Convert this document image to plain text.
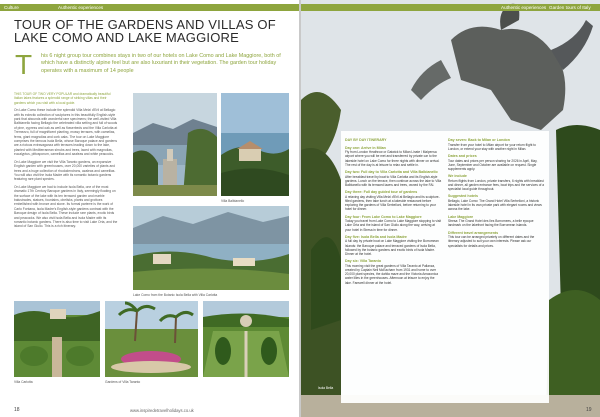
Culture	Authentic experiences
TOUR OF THE GARDENS AND VILLAS OF
LAKE COMO AND LAKE MAGGIORE
T his 6 night group tour combines stays in two of our hotels on Lake Como and Lake Maggiore, both of which have a distinctly alpine feel but are also luxuriant in their vegetation. The garden tour holiday operates with a maximum of 14 people
THIS TOUR OF TWO VERY POPULAR and dramatically beautiful Italian lakes features a splendid range of striking villas and their gardens which you visit with a local guide.
On Lake Como these include the splendid Villa Melzi d'Eril at Bellagio with its eclectic collection of sculptures in this beautifully English-style park that abounds with wonderful rare specimens; the well-visited Villa Balbianello facing Bellagio the celebrated villa setting and full of woods of pine, cypress and oak as well as flowerbeds and the Villa Carlotta at Tremezzo, full of magnificent planting, mossy terraces, with camelias, ferns, giant magnolias and cork oaks. The tour on Lake Maggiore comprises the famous Isola Bella, whose Baroque palace and gardens are a riotous extravaganza with terraces leading down to the lake, planted with Mediterranean shrubs and trees, laced with magnolias, eucalyptus, pittosporum, camellias and azaleas and white peacocks.
On Lake Maggiore we visit the Villa Taranto gardens, an expansive English garden with greenhouses, over 20,000 varieties of plants and trees and a huge collection of rhododendrons, azaleas and camellias. You will also visit the Isola Madre with its romantic botanic gardens featuring rare plant species.
On Lake Maggiore we had to include Isola Bella, one of the most dramatic 17th Century Baroque gardens in Italy, seemingly floating on the surface of the lake with its ten terraced garden and marble balustrades, statues, fountains, obelisks, plants and grottoes embellished with bronze and stone. Its formal parterre is the work of Carlo Fontana, Isola Madre's English-style gardens contrast with the Baroque design of Isola Bella. These include rare plants, exotic birds and peacocks. We also visit Isola Bella and Isola Madre with its romantic botanic gardens. There is also time to visit Lake Orta, and the island of San Giulio. This is a rich itinerary.
Villa Balbianello
Lake Como from the Botanic Isola Bella with Villa Carlotta
Villa Carlotta	Gardens of Villa Taranto
18	www.inspiredetravelholidays.co.uk
Authentic experiences Garden tours of Italy
DAY BY DAY ITINERARY
Day one: Arrive in Milan

Fly from London Heathrow or Gatwick to Milan Linate / Malpensa airport where you will be met and transferred by private car to the lakeside hotel on Lake Como for three nights with dinner on arrival. The rest of the day is at leisure to relax and settle in.

Day two: Full day to Villa Carlotta and Villa Balbianello

After breakfast travel by boat to Villa Carlotta and its English-style gardens. Lunch on the terrace, then continue across the lake to Villa Balbianello with its terraced lawns and trees, owned by the FAI.

Day three: Full day guided tour of gardens

A relaxing day visiting Villa Melzi d'Eril at Bellagio and its sculpture-filled gardens, then take lunch at a lakeside restaurant before exploring the gardens of Villa Serbelloni, before returning to your hotel for dinner.

Day four: From Lake Como to Lake Maggiore

Today you travel from Lake Como to Lake Maggiore stopping to visit Lake Orta and the island of San Giulio along the way, arriving at your hotel in Stresa in time for dinner.

Day five: Isola Bella and Isola Madre

A full day by private boat on Lake Maggiore visiting the Borromean Islands: the Baroque palace and terraced gardens of Isola Bella, followed by the botanic gardens and exotic birds of Isola Madre. Dinner at the hotel.

Day six: Villa Taranto

This morning visit the great gardens of Villa Taranto at Pallanza, created by Captain Neil McEacharn from 1931 and home to over 20,000 plant species, the dahlia maze and the Victoria Amazonica water lilies in the greenhouses. Afternoon at leisure to enjoy the lake. Farewell dinner at the hotel.

Day seven: Back to Milan or London

Transfer from your hotel to Milan airport for your return flight to London, or extend your stay with another night in Milan.

Dates and prices

Tour dates and prices per person sharing for 2026 in April, May, June, September and October are available on request. Single supplements apply.

We include

Return flights from London, private transfers, 6 nights with breakfast and dinner, all garden entrance fees, boat trips and the services of a specialist local guide throughout.

Suggested hotels

Bellagio, Lake Como: The Grand Hotel Villa Serbelloni, a historic lakeside hotel in its own private park with elegant rooms and views across the lake.

Lake Maggiore

Stresa: The Grand Hotel des Iles Borromees, a belle epoque landmark on the lakefront facing the Borromean Islands.

Different travel arrangements

This tour can be arranged privately on different dates and the itinerary adjusted to suit your own interests. Please ask our specialists for details and prices.

Isola Bella
19
